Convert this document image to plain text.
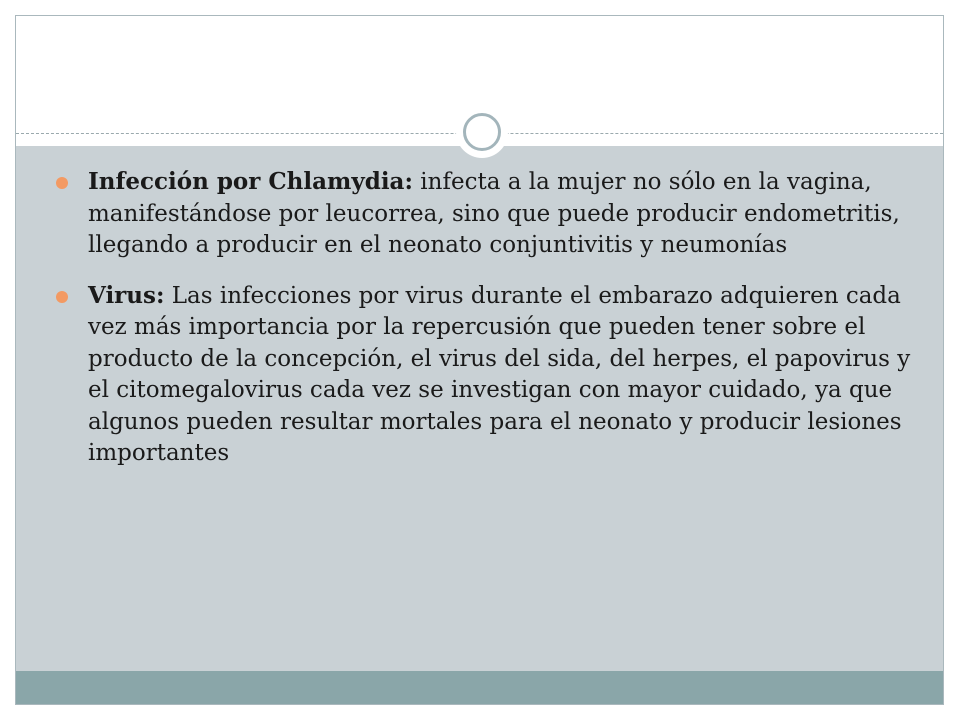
Infección por Chlamydia: infecta a la mujer no sólo en la vagina, manifestándose por leucorrea, sino que puede producir endometritis, llegando a producir en el neonato conjuntivitis y neumonías
Virus: Las infecciones por virus durante el embarazo adquieren cada vez más importancia por la repercusión que pueden tener sobre el producto de la concepción, el virus del sida, del herpes, el papovirus y el citomegalovirus cada vez se investigan con mayor cuidado, ya que algunos pueden resultar mortales para el neonato y producir lesiones importantes
